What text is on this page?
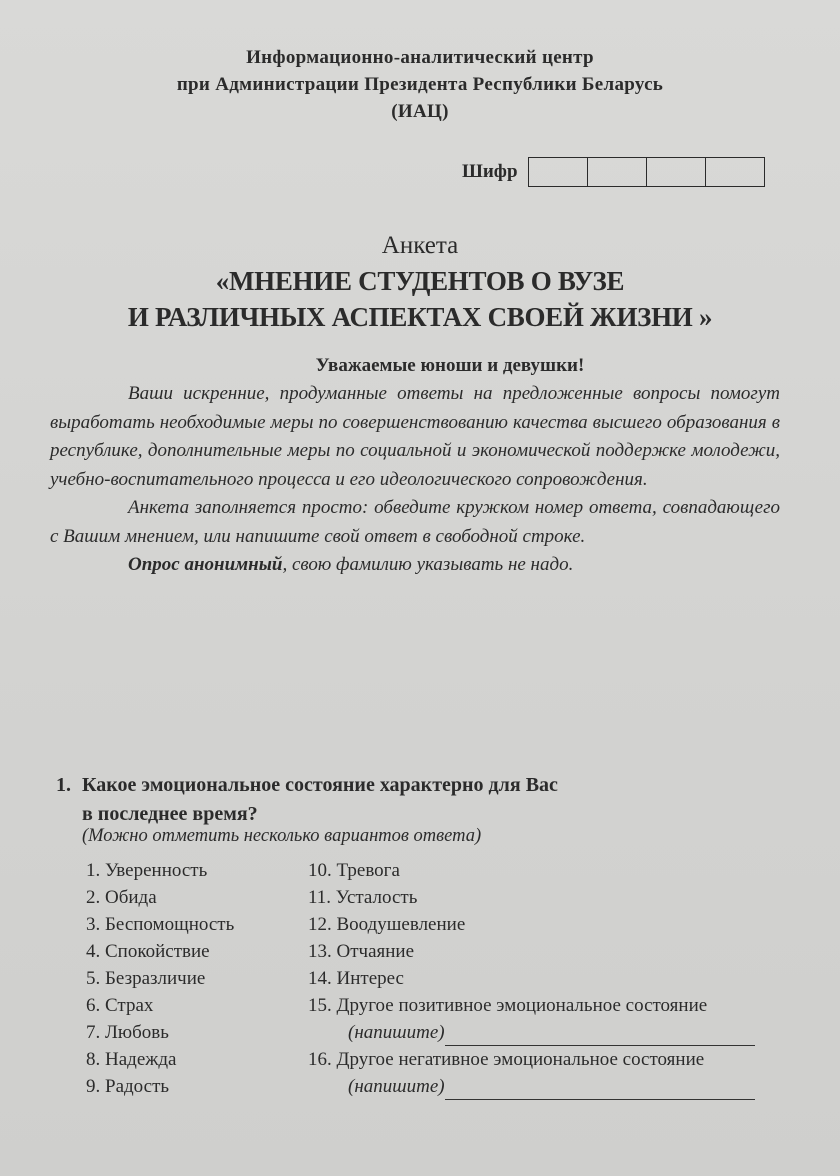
Информационно-аналитический центр
при Администрации Президента Республики Беларусь
(ИАЦ)
Шифр
Анкета
«МНЕНИЕ СТУДЕНТОВ О ВУЗЕ
И РАЗЛИЧНЫХ АСПЕКТАХ СВОЕЙ ЖИЗНИ »
Уважаемые юноши и девушки!

Ваши искренние, продуманные ответы на предложенные вопросы помогут выработать необходимые меры по совершенствованию качества высшего образования в республике, дополнительные меры по социальной и экономической поддержке молодежи, учебно-воспитательного процесса и его идеологического сопровождения.

Анкета заполняется просто: обведите кружком номер ответа, совпадающего с Вашим мнением, или напишите свой ответ в свободной строке.

Опрос анонимный, свою фамилию указывать не надо.

1. Какое эмоциональное состояние характерно для Вас
в последнее время?
(Можно отметить несколько вариантов ответа)
1. Уверенность
2. Обида
3. Беспомощность
4. Спокойствие
5. Безразличие
6. Страх
7. Любовь
8. Надежда
9. Радость
10. Тревога
11. Усталость
12. Воодушевление
13. Отчаяние
14. Интерес
15. Другое позитивное эмоциональное состояние
(напишите)
16. Другое негативное эмоциональное состояние
(напишите)
